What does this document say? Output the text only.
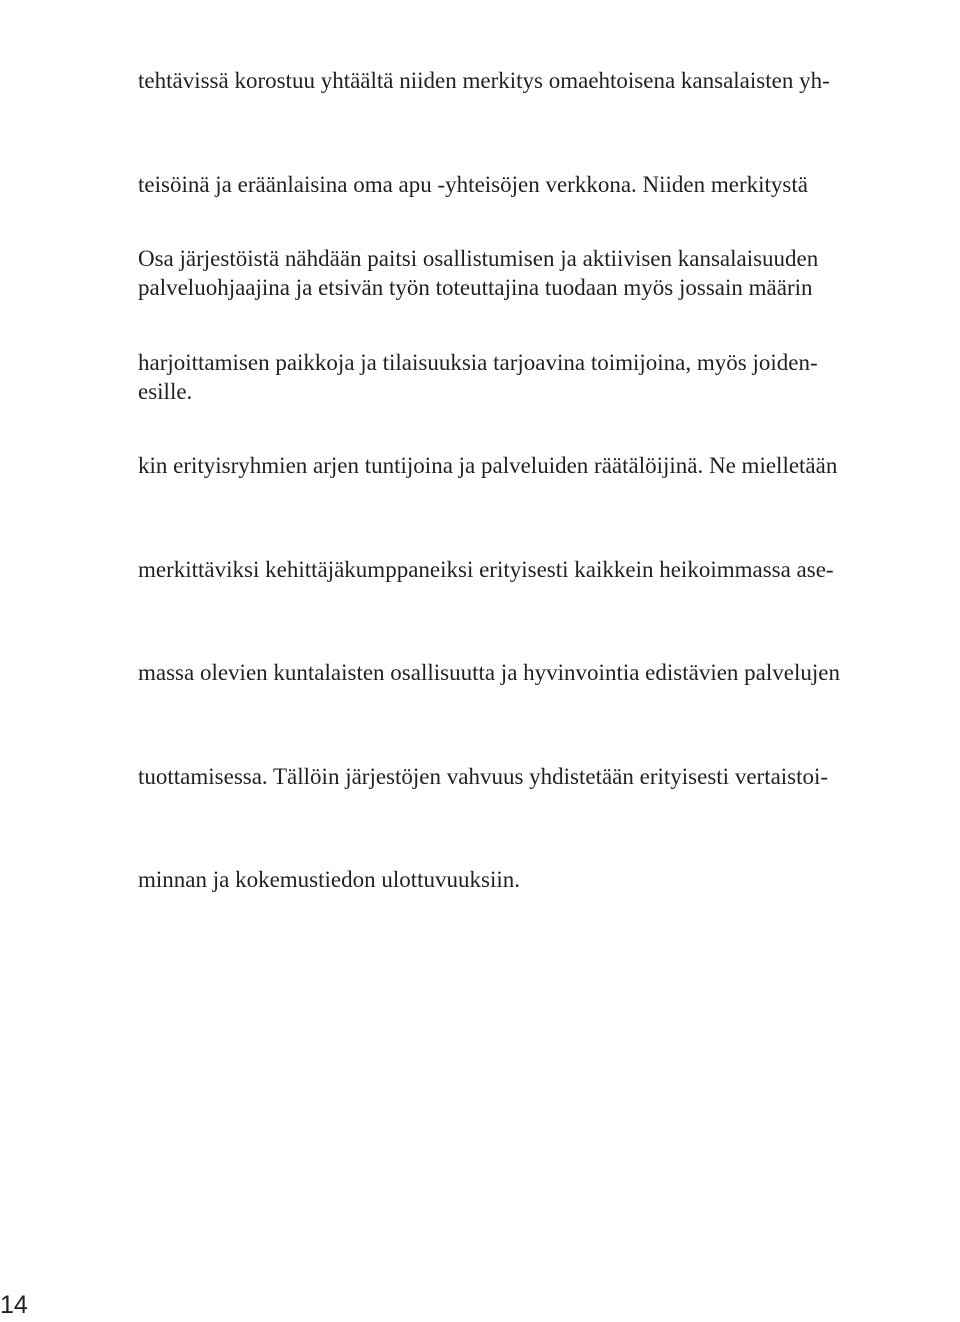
tehtävissä korostuu yhtäältä niiden merkitys omaehtoisena kansalaisten yh-

teisöinä ja eräänlaisina oma apu -yhteisöjen verkkona. Niiden merkitystä

palveluohjaajina ja etsivän työn toteuttajina tuodaan myös jossain määrin

esille.

Osa järjestöistä nähdään paitsi osallistumisen ja aktiivisen kansalaisuuden

harjoittamisen paikkoja ja tilaisuuksia tarjoavina toimijoina, myös joiden-

kin erityisryhmien arjen tuntijoina ja palveluiden räätälöijinä. Ne mielletään

merkittäviksi kehittäjäkumppaneiksi erityisesti kaikkein heikoimmassa ase-

massa olevien kuntalaisten osallisuutta ja hyvinvointia edistävien palvelujen

tuottamisessa. Tällöin järjestöjen vahvuus yhdistetään erityisesti vertaistoi-

minnan ja kokemustiedon ulottuvuuksiin.

14
